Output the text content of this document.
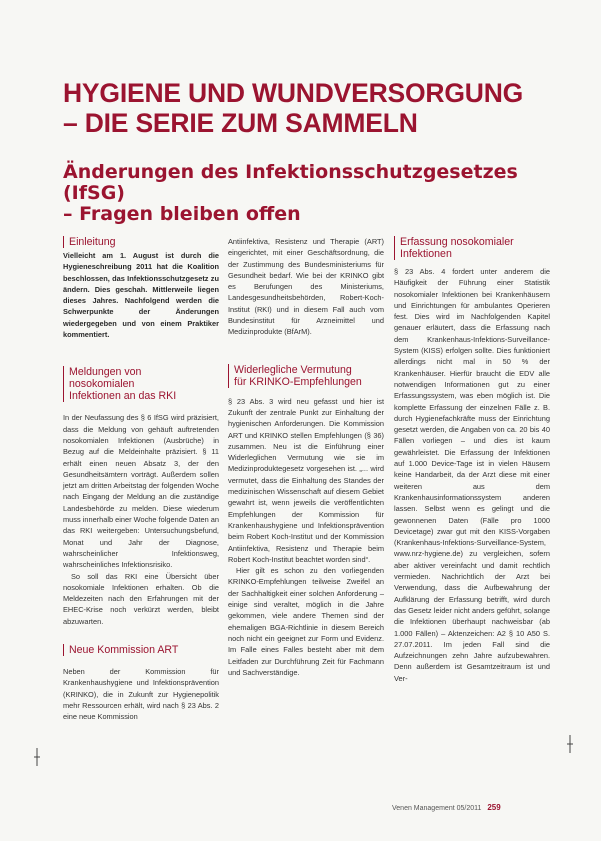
HYGIENE UND WUNDVERSORGUNG
– DIE SERIE ZUM SAMMELN
Änderungen des Infektionsschutzgesetzes (IfSG)
– Fragen bleiben offen
Einleitung

Vielleicht am 1. August ist durch die Hygieneschreibung 2011 hat die Koalition beschlossen, das Infektionsschutzgesetz zu ändern. Dies geschah. Mittlerweile liegen dieses Jahres. Nachfolgend werden die Schwerpunkte der Änderungen wiedergegeben und von einem Praktiker kommentiert.

Meldungen von
nosokomialen
Infektionen an das RKI

In der Neufassung des § 6 IfSG wird präzisiert, dass die Meldung von gehäuft auftretenden nosokomialen Infektionen (Ausbrüche) in Bezug auf die Meldeinhalte präzisiert. § 11 erhält einen neuen Absatz 3, der den Gesundheitsämtern vorträgt. Außerdem sollen jetzt am dritten Arbeitstag der folgenden Woche nach Eingang der Meldung an die zuständige Landesbehörde zu melden. Diese wiederum muss innerhalb einer Woche folgende Daten an das RKI weitergeben: Untersuchungsbefund, Monat und Jahr der Diagnose, wahrscheinlicher Infektionsweg, wahrscheinliches Infektionsrisiko.

So soll das RKI eine Übersicht über nosokomiale Infektionen erhalten. Ob die Meldezeiten nach den Erfahrungen mit der EHEC-Krise noch verkürzt werden, bleibt abzuwarten.

Neue Kommission ART

Neben der Kommission für Krankenhaushygiene und Infektionsprävention (KRINKO), die in Zukunft zur Hygienepolitik mehr Ressourcen erhält, wird nach § 23 Abs. 2 eine neue Kommission

Antiinfektiva, Resistenz und Therapie (ART) eingerichtet, mit einer Geschäftsordnung, die der Zustimmung des Bundesministeriums für Gesundheit bedarf. Wie bei der KRINKO gibt es Berufungen des Ministeriums, Landesgesundheitsbehörden, Robert-Koch-Institut (RKI) und in diesem Fall auch vom Bundesinstitut für Arzneimittel und Medizinprodukte (BfArM).

Widerlegliche Vermutung
für KRINKO-Empfehlungen

§ 23 Abs. 3 wird neu gefasst und hier ist Zukunft der zentrale Punkt zur Einhaltung der hygienischen Anforderungen. Die Kommission ART und KRINKO stellen Empfehlungen (§ 36) zusammen. Neu ist die Einführung einer Widerleglichen Vermutung wie sie im Medizinproduktegesetz vorgesehen ist. „... wird vermutet, dass die Einhaltung des Standes der medizinischen Wissenschaft auf diesem Gebiet gewahrt ist, wenn jeweils die veröffentlichten Empfehlungen der Kommission für Krankenhaushygiene und Infektionsprävention beim Robert Koch-Institut und der Kommission Antiinfektiva, Resistenz und Therapie beim Robert Koch-Institut beachtet worden sind“.

Hier gilt es schon zu den vorliegenden KRINKO-Empfehlungen teilweise Zweifel an der Sachhaltigkeit einer solchen Anforderung – einige sind veraltet, möglich in die Jahre gekommen, viele andere Themen sind der ehemaligen BGA-Richtlinie in diesem Bereich noch nicht ein geeignet zur Form und Evidenz. Im Falle eines Falles besteht aber mit dem Leitfaden zur Durchführung Zeit für Fachmann und Sachverständige.

Erfassung nosokomialer
Infektionen

§ 23 Abs. 4 fordert unter anderem die Häufigkeit der Führung einer Statistik nosokomialer Infektionen bei Krankenhäusern und Einrichtungen für ambulantes Operieren fest. Dies wird im Nachfolgenden Kapitel genauer erläutert, dass die Erfassung nach dem Krankenhaus-Infektions-Surveillance-System (KISS) erfolgen sollte. Dies funktioniert allerdings nicht mal in 50 % der Krankenhäuser. Hierfür braucht die EDV alle notwendigen Informationen gut zu einer Erfassungssystem, was eben möglich ist. Die komplette Erfassung der einzelnen Fälle z. B. durch Hygienefachkräfte muss der Einrichtung gesetzt werden, die Angaben von ca. 20 bis 40 Fällen vorliegen – und dies ist kaum gewährleistet. Die Erfassung der Infektionen auf 1.000 Device-Tage ist in vielen Häusern keine Handarbeit, da der Arzt diese mit einer weiteren aus dem Krankenhausinformationssystem anderen lassen. Selbst wenn es gelingt und die gewonnenen Daten (Fälle pro 1000 Devicetage) zwar gut mit den KISS-Vorgaben (Krankenhaus-Infektions-Surveillance-System, www.nrz-hygiene.de) zu vergleichen, sofern aber aktiver vereinfacht und damit rechtlich vermieden. Nachrichtlich der Arzt bei Verwendung, dass die Aufbewahrung der Aufklärung der Erfassung betrifft, wird durch das Gesetz leider nicht anders geführt, solange die Infektionen überhaupt nachweisbar (ab 1.000 Fällen) – Aktenzeichen: A2 § 10 A50 S. 27.07.2011. Im jeden Fall sind die Aufzeichnungen zehn Jahre aufzubewahren. Denn außerdem ist Gesamtzeitraum ist und Ver-

Venen Management 05/2011 259
